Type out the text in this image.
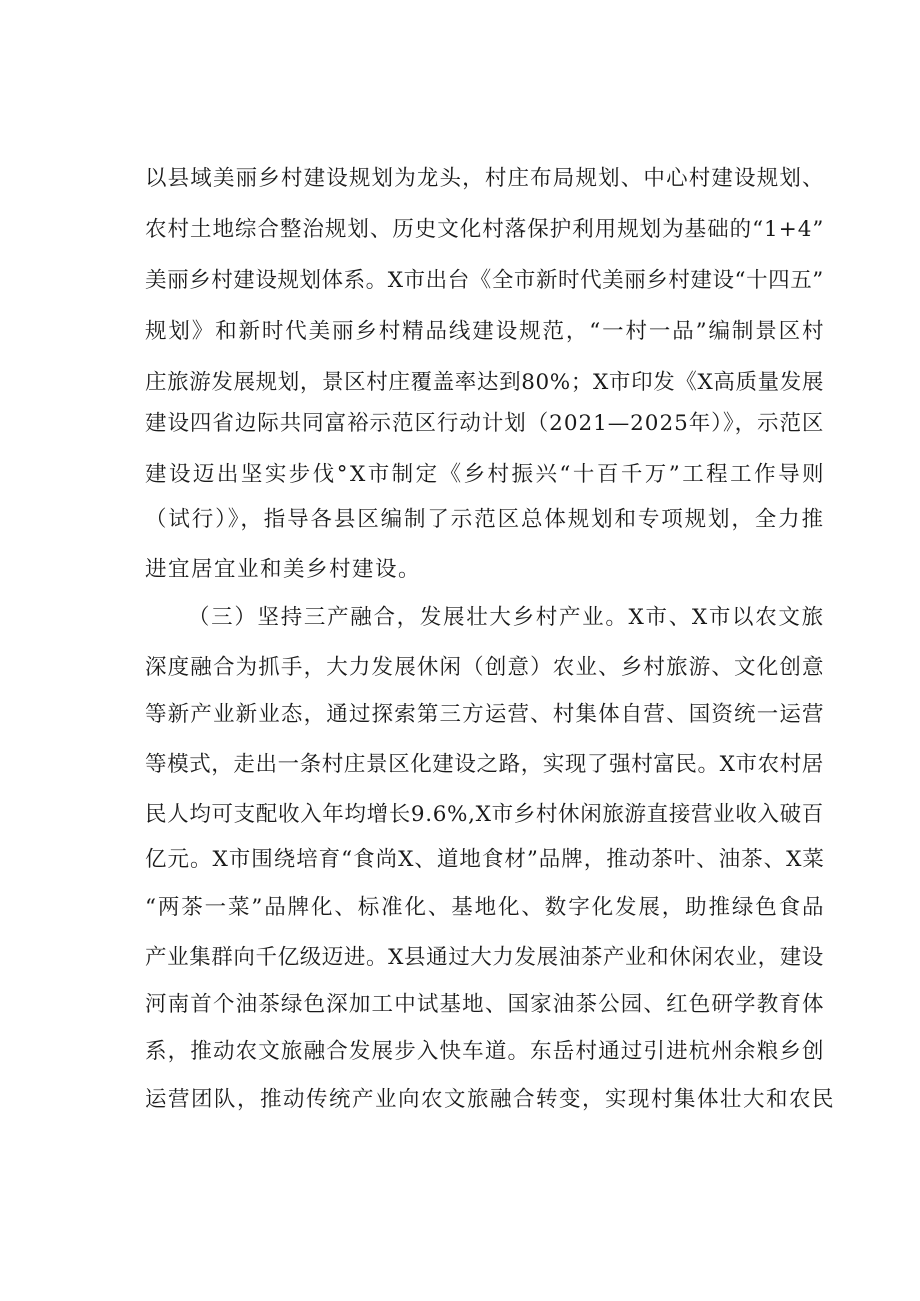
以县域美丽乡村建设规划为龙头，村庄布局规划、中心村建设规划、
农村土地综合整治规划、历史文化村落保护利用规划为基础的“1+4”
美丽乡村建设规划体系。X市出台《全市新时代美丽乡村建设“十四五”
规划》和新时代美丽乡村精品线建设规范，“一村一品”编制景区村
庄旅游发展规划，景区村庄覆盖率达到80%；X市印发《X高质量发展
建设四省边际共同富裕示范区行动计划（2021—2025年）》，示范区
建设迈出坚实步伐°X市制定《乡村振兴“十百千万”工程工作导则
（试行）》，指导各县区编制了示范区总体规划和专项规划，全力推
进宜居宜业和美乡村建设。
（三）坚持三产融合，发展壮大乡村产业。X市、X市以农文旅
深度融合为抓手，大力发展休闲（创意）农业、乡村旅游、文化创意
等新产业新业态，通过探索第三方运营、村集体自营、国资统一运营
等模式，走出一条村庄景区化建设之路，实现了强村富民。X市农村居
民人均可支配收入年均增长9.6%,X市乡村休闲旅游直接营业收入破百
亿元。X市围绕培育“食尚X、道地食材”品牌，推动茶叶、油茶、X菜
“两茶一菜”品牌化、标准化、基地化、数字化发展，助推绿色食品
产业集群向千亿级迈进。X县通过大力发展油茶产业和休闲农业，建设
河南首个油茶绿色深加工中试基地、国家油茶公园、红色研学教育体
系，推动农文旅融合发展步入快车道。东岳村通过引进杭州余粮乡创
运营团队，推动传统产业向农文旅融合转变，实现村集体壮大和农民
